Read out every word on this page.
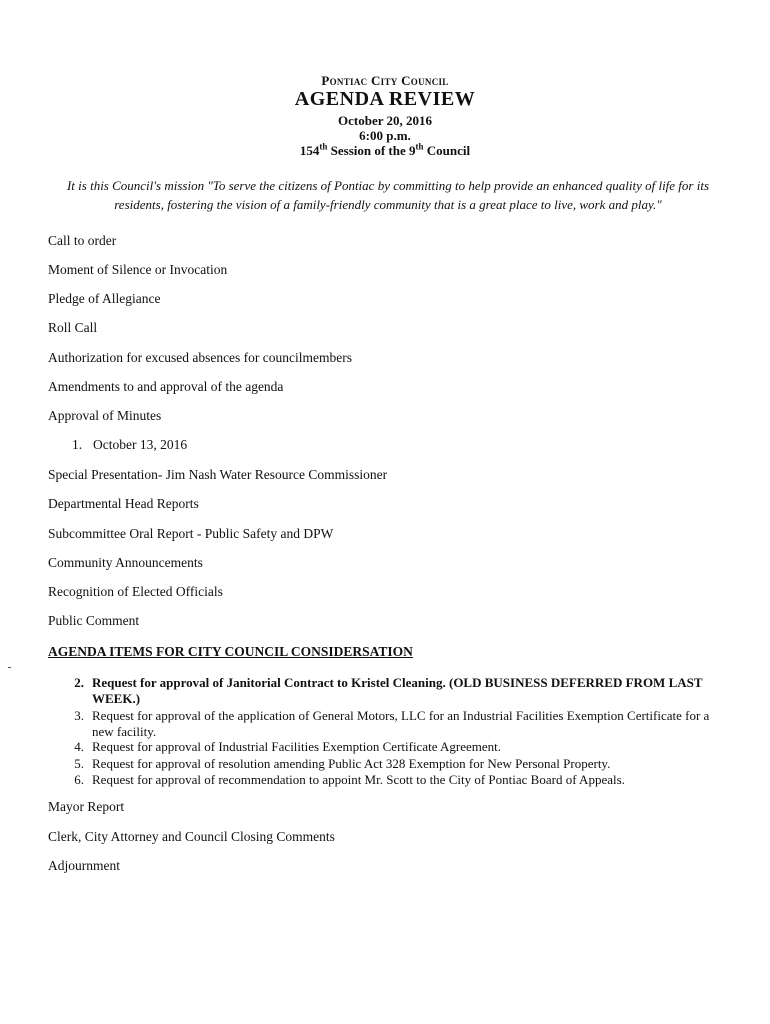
Pontiac City Council
AGENDA REVIEW
October 20, 2016
6:00 p.m.
154th Session of the 9th Council
It is this Council's mission "To serve the citizens of Pontiac by committing to help provide an enhanced quality of life for its residents, fostering the vision of a family-friendly community that is a great place to live, work and play."
Call to order
Moment of Silence or Invocation
Pledge of Allegiance
Roll Call
Authorization for excused absences for councilmembers
Amendments to and approval of the agenda
Approval of Minutes
1. October 13, 2016
Special Presentation- Jim Nash Water Resource Commissioner
Departmental Head Reports
Subcommittee Oral Report - Public Safety and DPW
Community Announcements
Recognition of Elected Officials
Public Comment
AGENDA ITEMS FOR CITY COUNCIL CONSIDERSATION
2. Request for approval of Janitorial Contract to Kristel Cleaning. (OLD BUSINESS DEFERRED FROM LAST WEEK.)
3. Request for approval of the application of General Motors, LLC for an Industrial Facilities Exemption Certificate for a new facility.
4. Request for approval of Industrial Facilities Exemption Certificate Agreement.
5. Request for approval of resolution amending Public Act 328 Exemption for New Personal Property.
6. Request for approval of recommendation to appoint Mr. Scott to the City of Pontiac Board of Appeals.
Mayor Report
Clerk, City Attorney and Council Closing Comments
Adjournment
